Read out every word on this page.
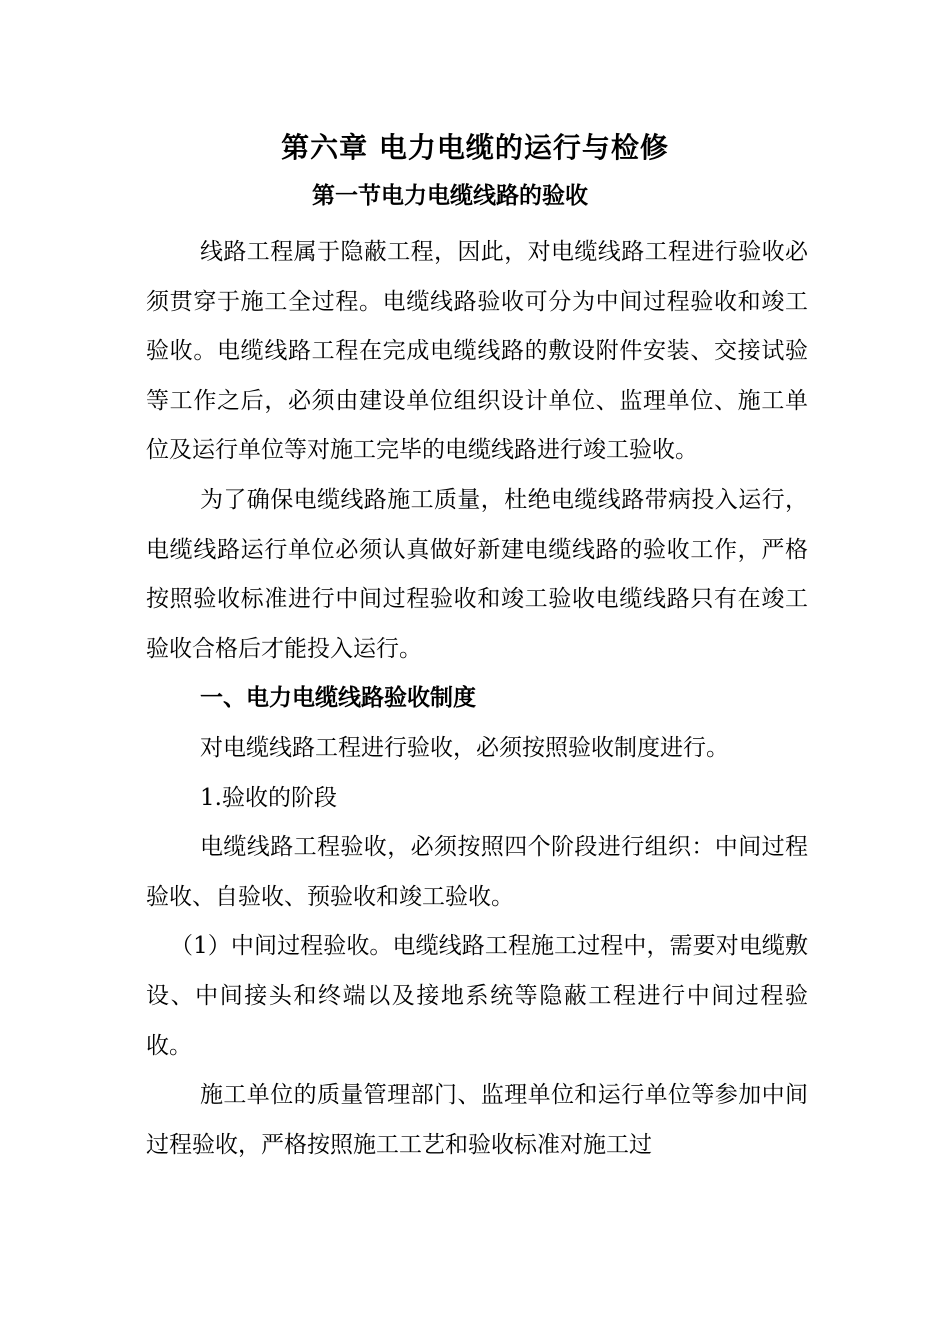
第六章 电力电缆的运行与检修
第一节电力电缆线路的验收

线路工程属于隐蔽工程，因此，对电缆线路工程进行验收必须贯穿于施工全过程。电缆线路验收可分为中间过程验收和竣工验收。电缆线路工程在完成电缆线路的敷设附件安装、交接试验等工作之后，必须由建设单位组织设计单位、监理单位、施工单位及运行单位等对施工完毕的电缆线路进行竣工验收。

为了确保电缆线路施工质量，杜绝电缆线路带病投入运行，电缆线路运行单位必须认真做好新建电缆线路的验收工作，严格按照验收标准进行中间过程验收和竣工验收电缆线路只有在竣工验收合格后才能投入运行。

一、电力电缆线路验收制度

对电缆线路工程进行验收，必须按照验收制度进行。

1.验收的阶段

电缆线路工程验收，必须按照四个阶段进行组织：中间过程验收、自验收、预验收和竣工验收。

（1）中间过程验收。电缆线路工程施工过程中，需要对电缆敷设、中间接头和终端以及接地系统等隐蔽工程进行中间过程验收。

施工单位的质量管理部门、监理单位和运行单位等参加中间过程验收，严格按照施工工艺和验收标准对施工过
